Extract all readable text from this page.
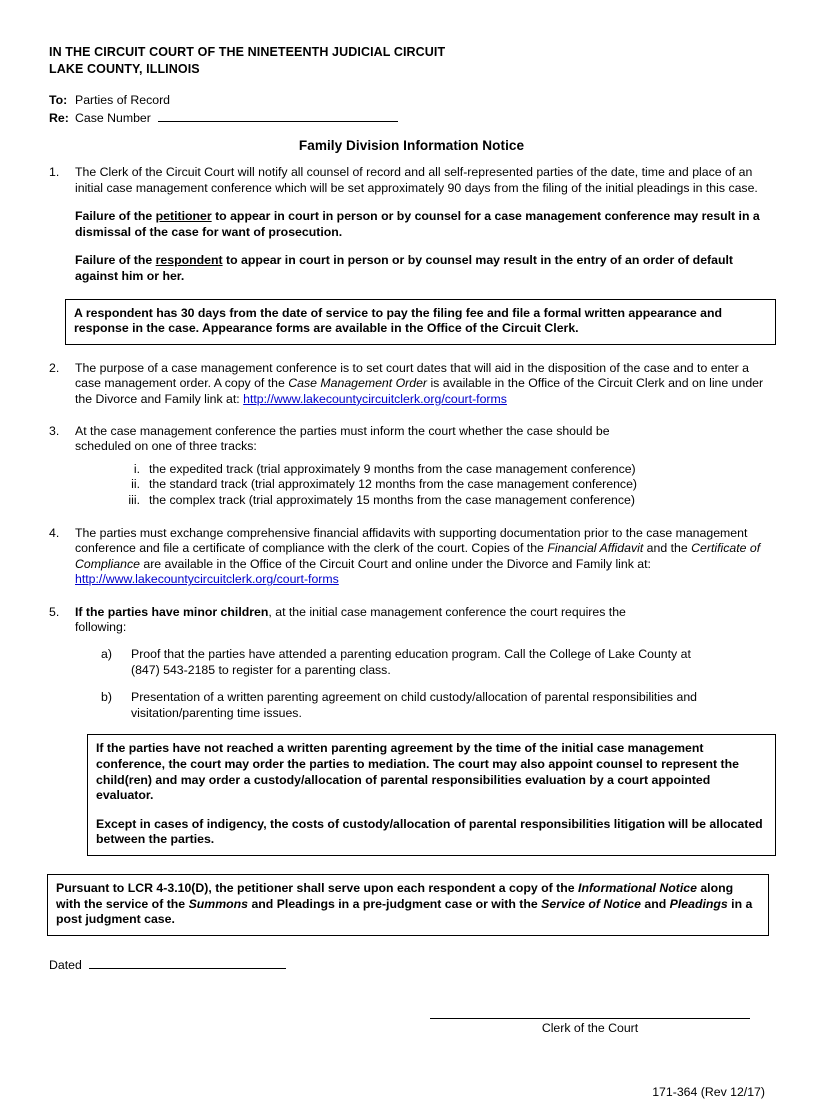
IN THE CIRCUIT COURT OF THE NINETEENTH JUDICIAL CIRCUIT
LAKE COUNTY, ILLINOIS
To: Parties of Record
Re: Case Number
Family Division Information Notice
1.	The Clerk of the Circuit Court will notify all counsel of record and all self-represented parties of the date, time and place of an initial case management conference which will be set approximately 90 days from the filing of the initial pleadings in this case.

Failure of the petitioner to appear in court in person or by counsel for a case management conference may result in a dismissal of the case for want of prosecution.

Failure of the respondent to appear in court in person or by counsel may result in the entry of an order of default against him or her.

A respondent has 30 days from the date of service to pay the filing fee and file a formal written appearance and response in the case. Appearance forms are available in the Office of the Circuit Clerk.

2.	The purpose of a case management conference is to set court dates that will aid in the disposition of the case and to enter a case management order. A copy of the Case Management Order is available in the Office of the Circuit Clerk and on line under the Divorce and Family link at: http://www.lakecountycircuitclerk.org/court-forms

3.	At the case management conference the parties must inform the court whether the case should be scheduled on one of three tracks:

i. the expedited track (trial approximately 9 months from the case management conference)
ii. the standard track (trial approximately 12 months from the case management conference)
iii. the complex track (trial approximately 15 months from the case management conference)
4.	The parties must exchange comprehensive financial affidavits with supporting documentation prior to the case management conference and file a certificate of compliance with the clerk of the court. Copies of the Financial Affidavit and the Certificate of Compliance are available in the Office of the Circuit Court and online under the Divorce and Family link at: http://www.lakecountycircuitclerk.org/court-forms

5.	If the parties have minor children, at the initial case management conference the court requires the following:

a)	Proof that the parties have attended a parenting education program. Call the College of Lake County at (847) 543-2185 to register for a parenting class.
b)	Presentation of a written parenting agreement on child custody/allocation of parental responsibilities and visitation/parenting time issues.

If the parties have not reached a written parenting agreement by the time of the initial case management conference, the court may order the parties to mediation. The court may also appoint counsel to represent the child(ren) and may order a custody/allocation of parental responsibilities evaluation by a court appointed evaluator.

Except in cases of indigency, the costs of custody/allocation of parental responsibilities litigation will be allocated between the parties.

Pursuant to LCR 4-3.10(D), the petitioner shall serve upon each respondent a copy of the Informational Notice along with the service of the Summons and Pleadings in a pre-judgment case or with the Service of Notice and Pleadings in a post judgment case.

Dated
Clerk of the Court
171-364 (Rev 12/17)
